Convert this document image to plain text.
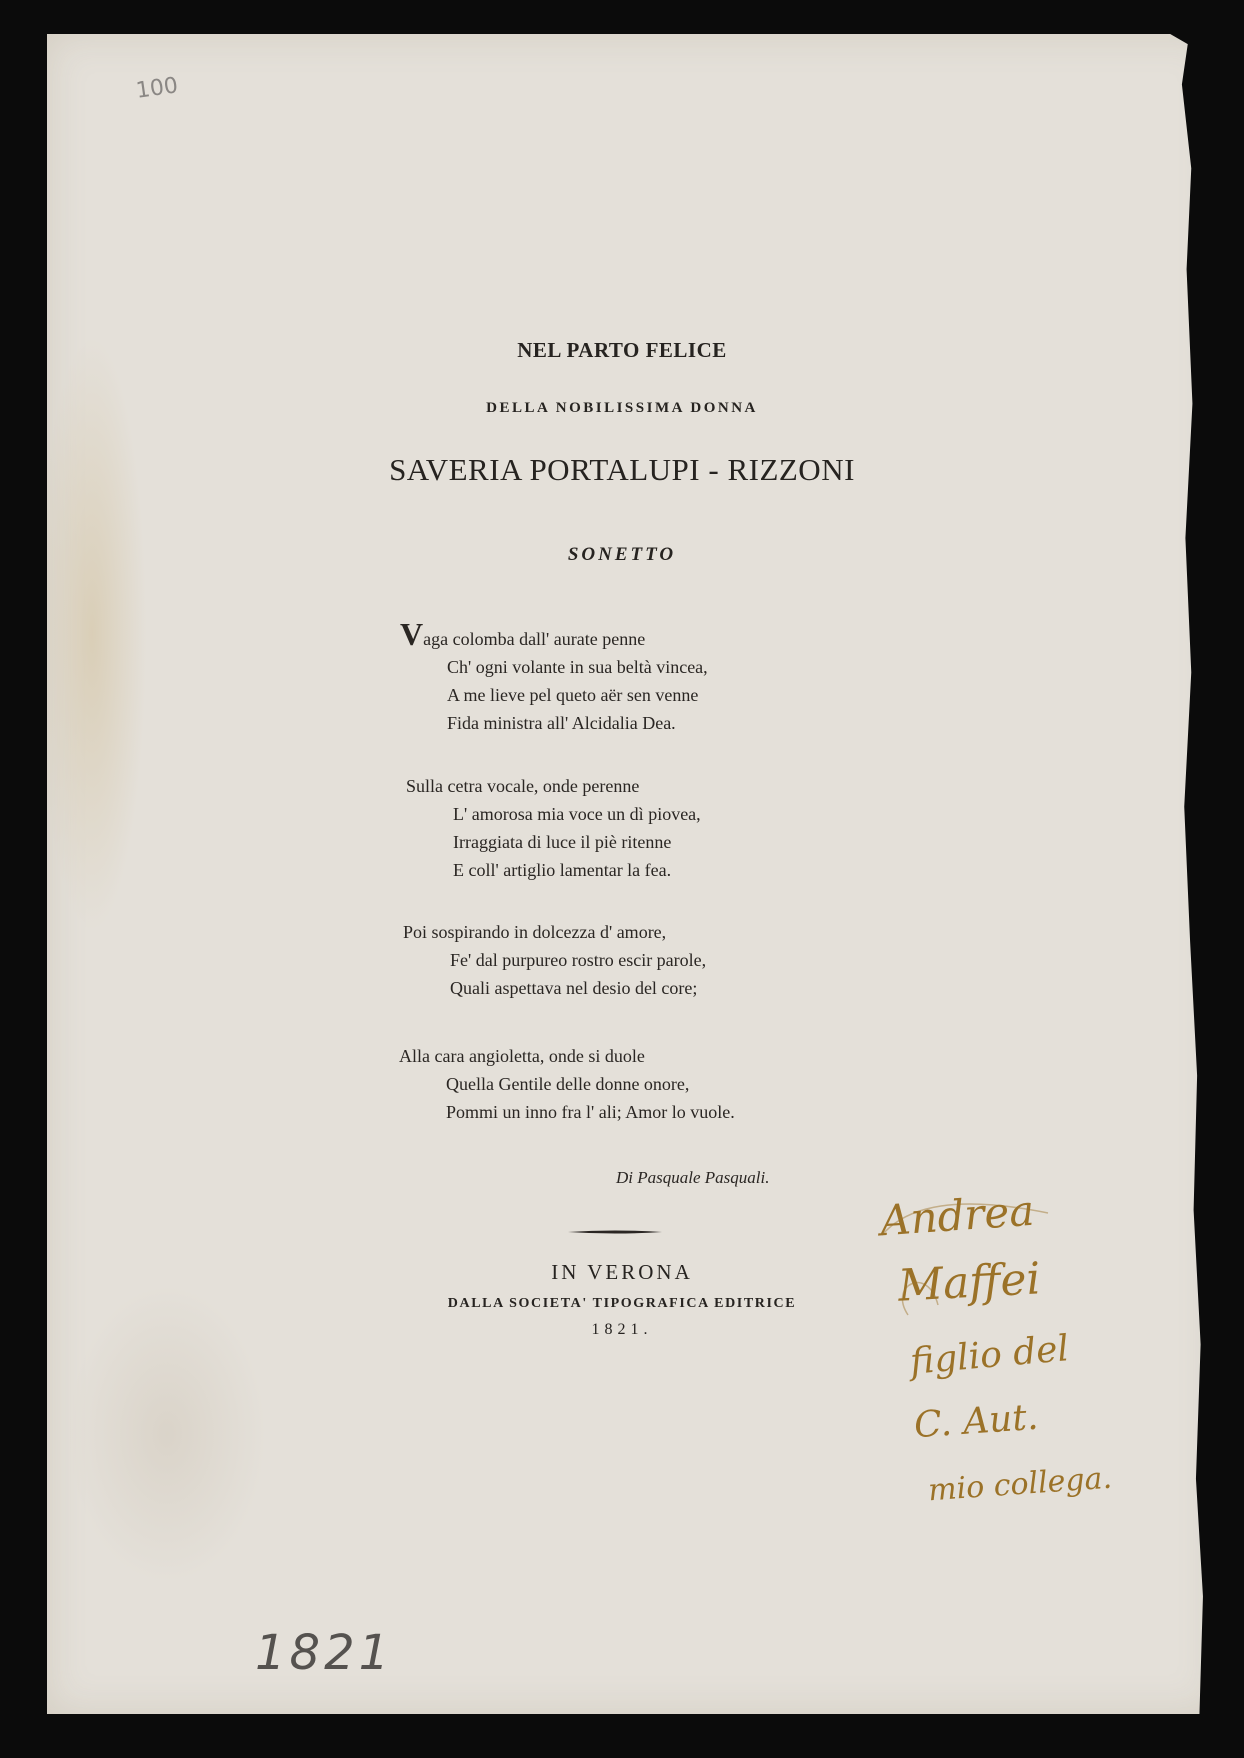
100
NEL PARTO FELICE
DELLA NOBILISSIMA DONNA
SAVERIA PORTALUPI - RIZZONI
SONETTO
Vaga colomba dall' aurate penne
Ch' ogni volante in sua beltà vincea,
A me lieve pel queto aër sen venne
Fida ministra all' Alcidalia Dea.
Sulla cetra vocale, onde perenne
L' amorosa mia voce un dì piovea,
Irraggiata di luce il piè ritenne
E coll' artiglio lamentar la fea.
Poi sospirando in dolcezza d' amore,
Fe' dal purpureo rostro escir parole,
Quali aspettava nel desio del core;
Alla cara angioletta, onde si duole
Quella Gentile delle donne onore,
Pommi un inno fra l' ali; Amor lo vuole.
Di Pasquale Pasquali.
IN VERONA
DALLA SOCIETA' TIPOGRAFICA EDITRICE
1821.
Andrea
Maffei
figlio del
C. Aut.
mio collega.
1821
